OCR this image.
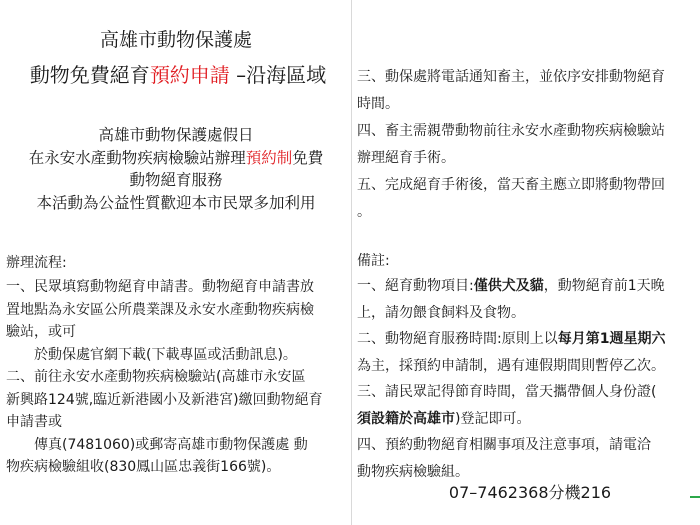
高雄市動物保護處
動物免費絕育預約申請 –沿海區域
高雄市動物保護處假日
在永安水產動物疾病檢驗站辦理預約制免費
動物絕育服務
本活動為公益性質歡迎本市民眾多加利用
辦理流程:
一、民眾填寫動物絕育申請書。動物絕育申請書放
置地點為永安區公所農業課及永安水產動物疾病檢
驗站，或可
　　於動保處官網下載(下載專區或活動訊息)。
二、前往永安水產動物疾病檢驗站(高雄市永安區
新興路124號,臨近新港國小及新港宮)繳回動物絕育
申請書或
　　傳真(7481060)或郵寄高雄市動物保護處 動
物疾病檢驗組收(830鳳山區忠義街166號)。
三、動保處將電話通知畜主，並依序安排動物絕育
時間。
四、畜主需親帶動物前往永安水產動物疾病檢驗站
辦理絕育手術。
五、完成絕育手術後，當天畜主應立即將動物帶回
。
備註:
一、絕育動物項目:僅供犬及貓，動物絕育前1天晚
上，請勿餵食飼料及食物。
二、動物絕育服務時間:原則上以每月第1週星期六
為主，採預約申請制，遇有連假期間則暫停乙次。
三、請民眾記得節育時間，當天攜帶個人身份證(
須設籍於高雄市)登記即可。
四、預約動物絕育相關事項及注意事項，請電洽
動物疾病檢驗組。
07–7462368分機216
